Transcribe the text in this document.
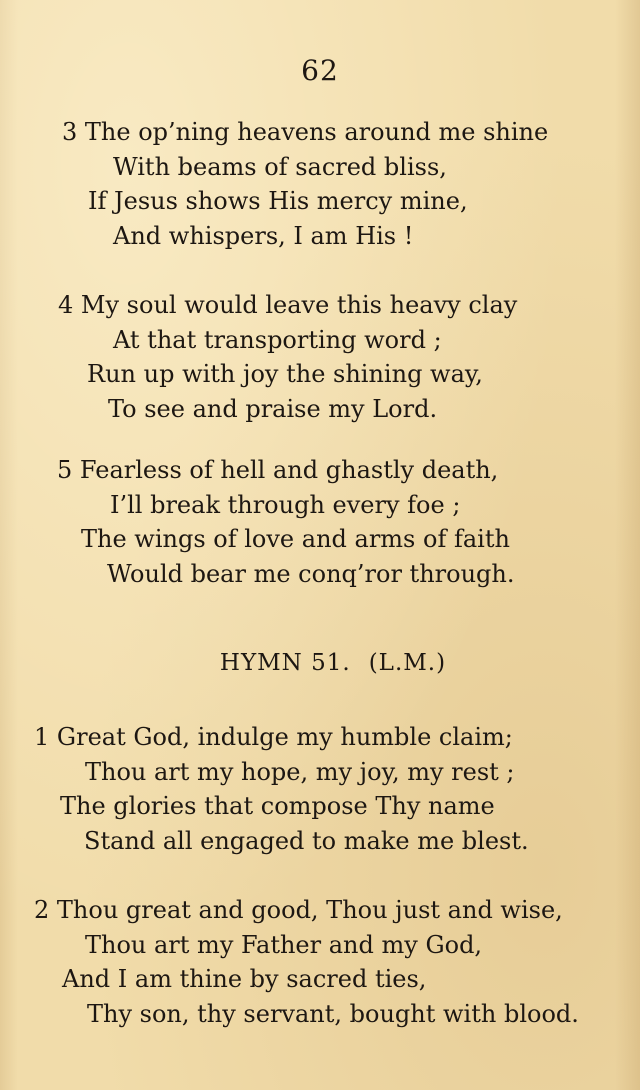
62
3 The op’ning heavens around me shine
With beams of sacred bliss,
If Jesus shows His mercy mine,
And whispers, I am His !
4 My soul would leave this heavy clay
At that transporting word ;
Run up with joy the shining way,
To see and praise my Lord.
5 Fearless of hell and ghastly death,
I’ll break through every foe ;
The wings of love and arms of faith
Would bear me conq’ror through.
HYMN 51. (L.M.)
1 Great God, indulge my humble claim;
Thou art my hope, my joy, my rest ;
The glories that compose Thy name
Stand all engaged to make me blest.
2 Thou great and good, Thou just and wise,
Thou art my Father and my God,
And I am thine by sacred ties,
Thy son, thy servant, bought with blood.
